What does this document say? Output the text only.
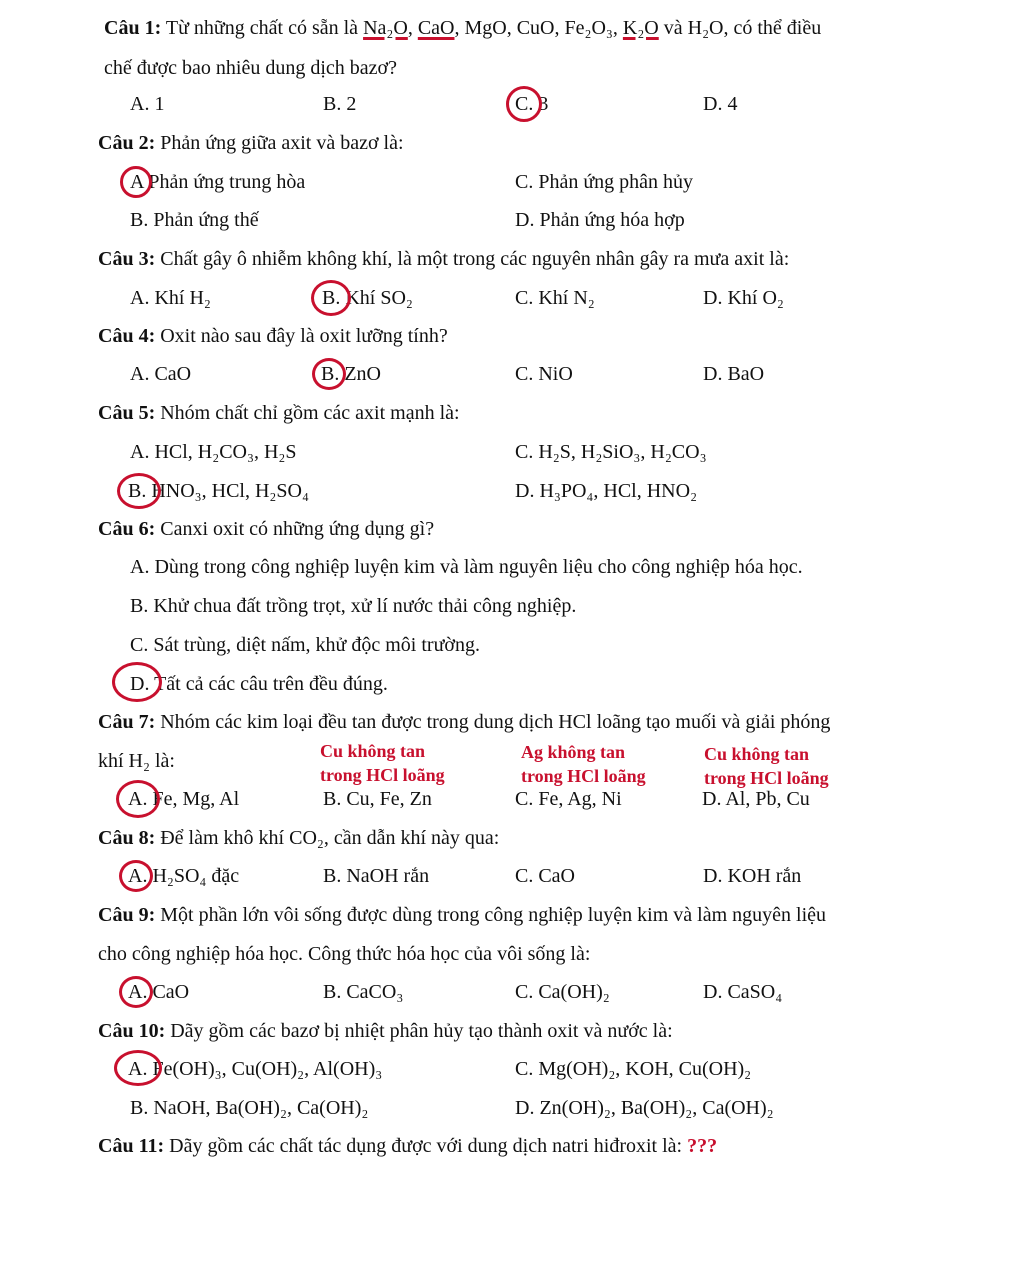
Câu 1: Từ những chất có sẵn là Na₂O, CaO, MgO, CuO, Fe₂O₃, K₂O và H₂O, có thể điều
chế được bao nhiêu dung dịch bazơ?
A. 1	B. 2	C. 3	D. 4
Câu 2: Phản ứng giữa axit và bazơ là:
A Phản ứng trung hòa	C. Phản ứng phân hủy
B. Phản ứng thế	D. Phản ứng hóa hợp
Câu 3: Chất gây ô nhiễm không khí, là một trong các nguyên nhân gây ra mưa axit là:
A. Khí H₂	B. Khí SO₂	C. Khí N₂	D. Khí O₂
Câu 4: Oxit nào sau đây là oxit lưỡng tính?
A. CaO	B. ZnO	C. NiO	D. BaO
Câu 5: Nhóm chất chỉ gồm các axit mạnh là:
A. HCl, H₂CO₃, H₂S	C. H₂S, H₂SiO₃, H₂CO₃
B. HNO₃, HCl, H₂SO₄	D. H₃PO₄, HCl, HNO₂
Câu 6: Canxi oxit có những ứng dụng gì?
A. Dùng trong công nghiệp luyện kim và làm nguyên liệu cho công nghiệp hóa học.
B. Khử chua đất trồng trọt, xử lí nước thải công nghiệp.
C. Sát trùng, diệt nấm, khử độc môi trường.
D. Tất cả các câu trên đều đúng.
Câu 7: Nhóm các kim loại đều tan được trong dung dịch HCl loãng tạo muối và giải phóng
khí H₂ là:	Cu không tan
trong HCl loãng
Ag không tan
trong HCl loãng
Cu không tan
trong HCl loãng
A. Fe, Mg, Al	B. Cu, Fe, Zn	C. Fe, Ag, Ni	D. Al, Pb, Cu
Câu 8: Để làm khô khí CO₂, cần dẫn khí này qua:
A. H₂SO₄ đặc	B. NaOH rắn	C. CaO	D. KOH rắn
Câu 9: Một phần lớn vôi sống được dùng trong công nghiệp luyện kim và làm nguyên liệu
cho công nghiệp hóa học. Công thức hóa học của vôi sống là:
A. CaO	B. CaCO₃	C. Ca(OH)₂	D. CaSO₄
Câu 10: Dãy gồm các bazơ bị nhiệt phân hủy tạo thành oxit và nước là:
A. Fe(OH)₃, Cu(OH)₂, Al(OH)₃	C. Mg(OH)₂, KOH, Cu(OH)₂
B. NaOH, Ba(OH)₂, Ca(OH)₂	D. Zn(OH)₂, Ba(OH)₂, Ca(OH)₂
Câu 11: Dãy gồm các chất tác dụng được với dung dịch natri hiđroxit là: ???
